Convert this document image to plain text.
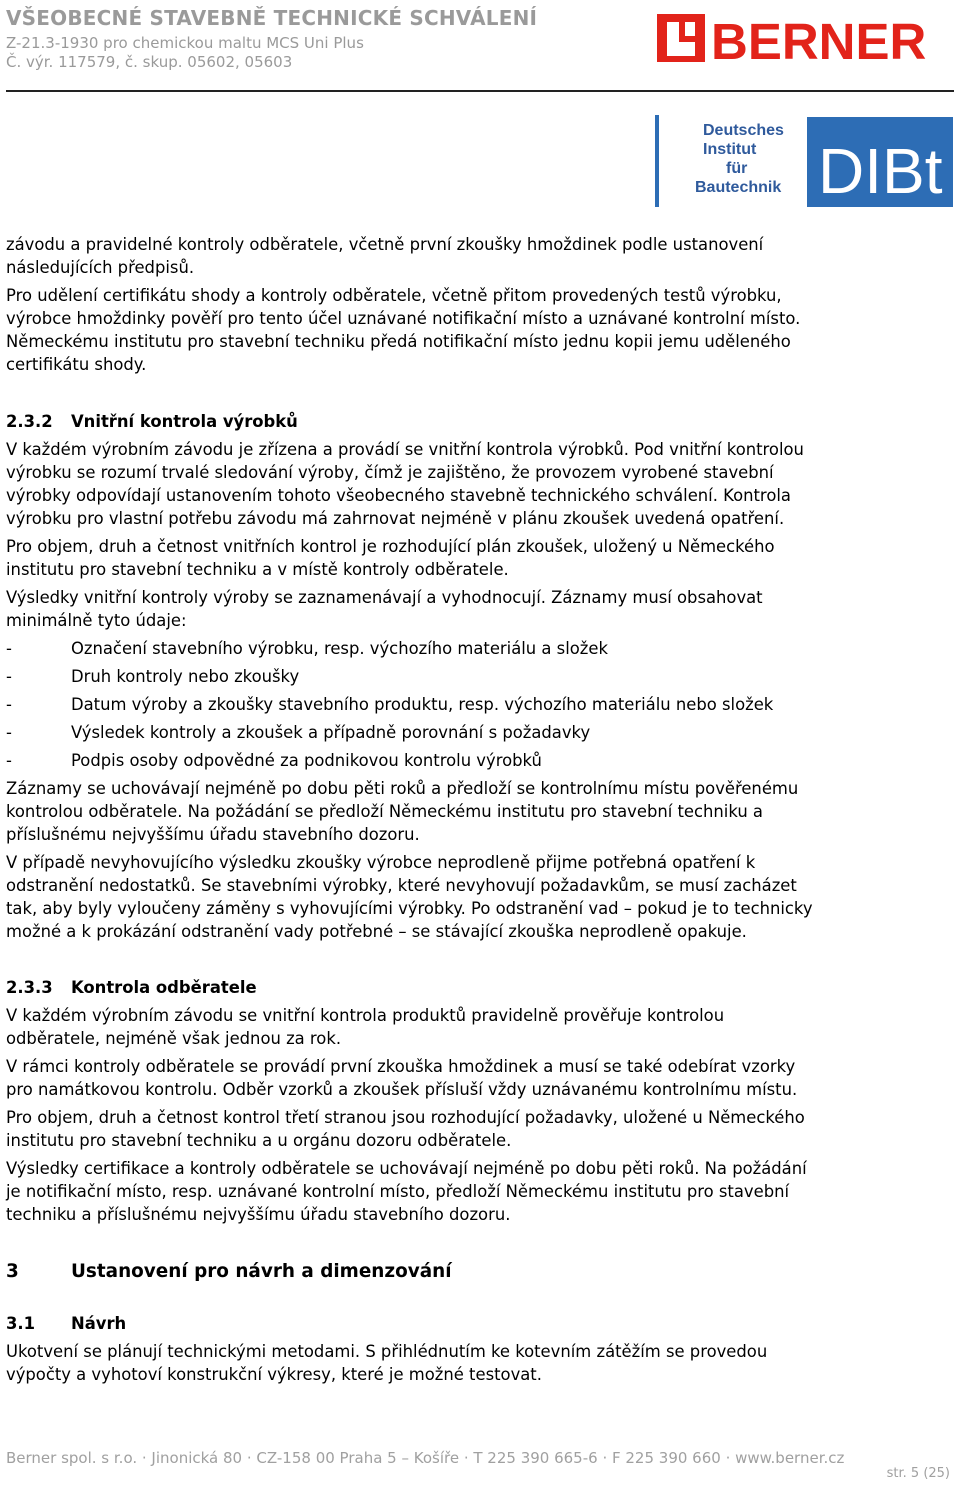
VŠEOBECNÉ STAVEBNĚ TECHNICKÉ SCHVÁLENÍ
Z-21.3-1930 pro chemickou maltu MCS Uni Plus
Č. výr. 117579, č. skup. 05602, 05603	BERNER
Deutsches
Institut
für
Bautechnik DIBt

závodu a pravidelné kontroly odběratele, včetně první zkoušky hmoždinek podle ustanovení

následujících předpisů.

Pro udělení certifikátu shody a kontroly odběratele, včetně přitom provedených testů výrobku,

výrobce hmoždinky pověří pro tento účel uznávané notifikační místo a uznávané kontrolní místo.

Německému institutu pro stavební techniku předá notifikační místo jednu kopii jemu uděleného

certifikátu shody.

2.3.2 Vnitřní kontrola výrobků

V každém výrobním závodu je zřízena a provádí se vnitřní kontrola výrobků. Pod vnitřní kontrolou

výrobku se rozumí trvalé sledování výroby, čímž je zajištěno, že provozem vyrobené stavební

výrobky odpovídají ustanovením tohoto všeobecného stavebně technického schválení. Kontrola

výrobku pro vlastní potřebu závodu má zahrnovat nejméně v plánu zkoušek uvedená opatření.

Pro objem, druh a četnost vnitřních kontrol je rozhodující plán zkoušek, uložený u Německého

institutu pro stavební techniku a v místě kontroly odběratele.

Výsledky vnitřní kontroly výroby se zaznamenávají a vyhodnocují. Záznamy musí obsahovat

minimálně tyto údaje:

-	Označení stavebního výrobku, resp. výchozího materiálu a složek
-	Druh kontroly nebo zkoušky
-	Datum výroby a zkoušky stavebního produktu, resp. výchozího materiálu nebo složek
-	Výsledek kontroly a zkoušek a případně porovnání s požadavky
-	Podpis osoby odpovědné za podnikovou kontrolu výrobků

Záznamy se uchovávají nejméně po dobu pěti roků a předloží se kontrolnímu místu pověřenému

kontrolou odběratele. Na požádání se předloží Německému institutu pro stavební techniku a

příslušnému nejvyššímu úřadu stavebního dozoru.

V případě nevyhovujícího výsledku zkoušky výrobce neprodleně přijme potřebná opatření k

odstranění nedostatků. Se stavebními výrobky, které nevyhovují požadavkům, se musí zacházet

tak, aby byly vyloučeny záměny s vyhovujícími výrobky. Po odstranění vad – pokud je to technicky

možné a k prokázání odstranění vady potřebné – se stávající zkouška neprodleně opakuje.

2.3.3 Kontrola odběratele

V každém výrobním závodu se vnitřní kontrola produktů pravidelně prověřuje kontrolou

odběratele, nejméně však jednou za rok.

V rámci kontroly odběratele se provádí první zkouška hmoždinek a musí se také odebírat vzorky

pro namátkovou kontrolu. Odběr vzorků a zkoušek přísluší vždy uznávanému kontrolnímu místu.

Pro objem, druh a četnost kontrol třetí stranou jsou rozhodující požadavky, uložené u Německého

institutu pro stavební techniku a u orgánu dozoru odběratele.

Výsledky certifikace a kontroly odběratele se uchovávají nejméně po dobu pěti roků. Na požádání

je notifikační místo, resp. uznávané kontrolní místo, předloží Německému institutu pro stavební

techniku a příslušnému nejvyššímu úřadu stavebního dozoru.

3	Ustanovení pro návrh a dimenzování
3.1 Návrh

Ukotvení se plánují technickými metodami. S přihlédnutím ke kotevním zátěžím se provedou

výpočty a vyhotoví konstrukční výkresy, které je možné testovat.

Berner spol. s r.o. · Jinonická 80 · CZ-158 00 Praha 5 – Košíře · T 225 390 665-6 · F 225 390 660 · www.berner.cz
str. 5 (25)
